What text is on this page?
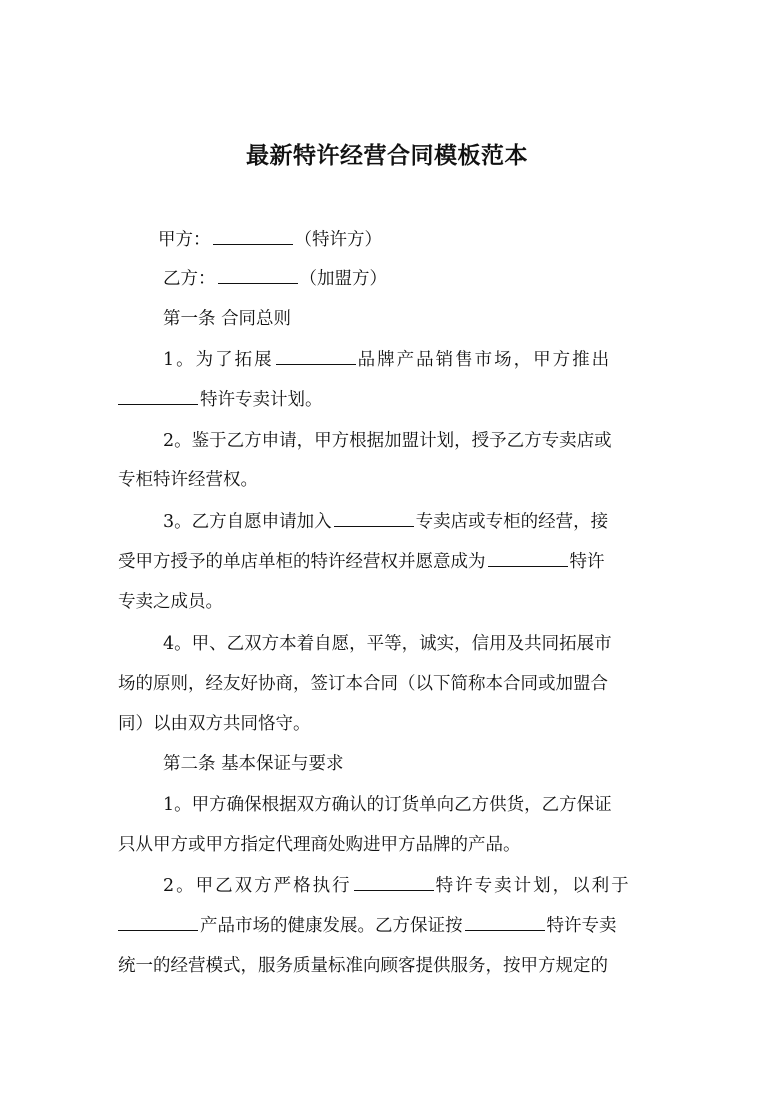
最新特许经营合同模板范本
甲方：	（特许方）
乙方：	（加盟方）
第一条 合同总则
1。为了拓展	品牌产品销售市场，甲方推出
特许专卖计划。
2。鉴于乙方申请，甲方根据加盟计划，授予乙方专卖店或
专柜特许经营权。
3。乙方自愿申请加入	专卖店或专柜的经营，接
受甲方授予的单店单柜的特许经营权并愿意成为	特许
专卖之成员。
4。甲、乙双方本着自愿，平等，诚实，信用及共同拓展市
场的原则，经友好协商，签订本合同（以下简称本合同或加盟合
同）以由双方共同恪守。
第二条 基本保证与要求
1。甲方确保根据双方确认的订货单向乙方供货，乙方保证
只从甲方或甲方指定代理商处购进甲方品牌的产品。
2。甲乙双方严格执行	特许专卖计划，以利于
产品市场的健康发展。乙方保证按	特许专卖
统一的经营模式，服务质量标准向顾客提供服务，按甲方规定的
